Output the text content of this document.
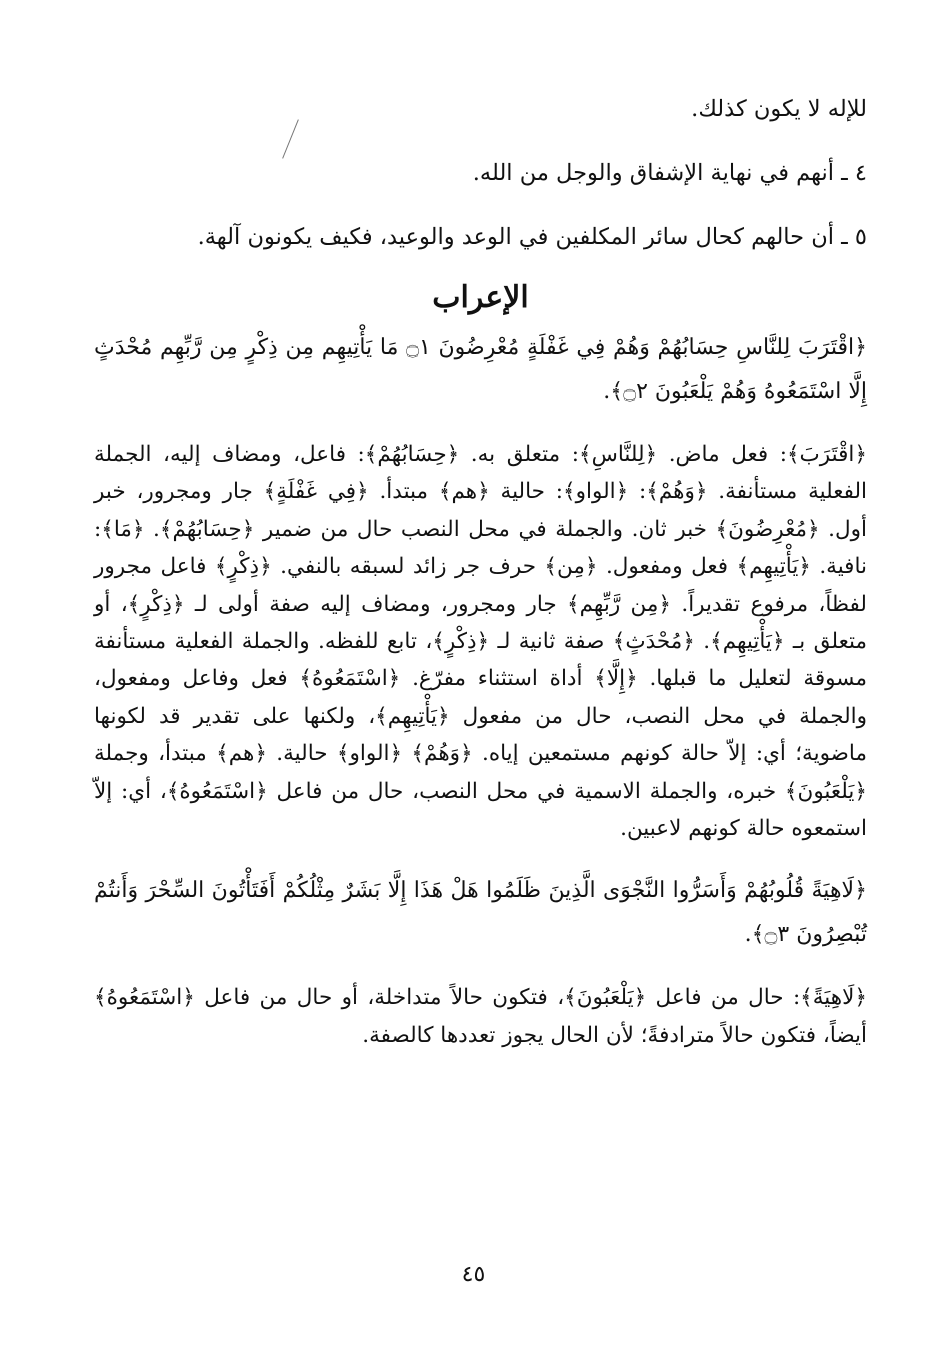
للإله لا يكون كذلك.

٤ ـ أنهم في نهاية الإشفاق والوجل من الله.

٥ ـ أن حالهم كحال سائر المكلفين في الوعد والوعيد، فكيف يكونون آلهة.

الإعراب

﴿اقْتَرَبَ لِلنَّاسِ حِسَابُهُمْ وَهُمْ فِي غَفْلَةٍ مُعْرِضُونَ ۝١ مَا يَأْتِيهِم مِن ذِكْرٍ مِن رَّبِّهِم مُحْدَثٍ إِلَّا اسْتَمَعُوهُ وَهُمْ يَلْعَبُونَ ۝٢﴾.

﴿اقْتَرَبَ﴾: فعل ماض. ﴿لِلنَّاسِ﴾: متعلق به. ﴿حِسَابُهُمْ﴾: فاعل، ومضاف إليه، الجملة الفعلية مستأنفة. ﴿وَهُمْ﴾: ﴿الواو﴾: حالية ﴿هم﴾ مبتدأ. ﴿فِي غَفْلَةٍ﴾ جار ومجرور، خبر أول. ﴿مُعْرِضُونَ﴾ خبر ثان. والجملة في محل النصب حال من ضمير ﴿حِسَابُهُمْ﴾. ﴿مَا﴾: نافية. ﴿يَأْتِيهِم﴾ فعل ومفعول. ﴿مِن﴾ حرف جر زائد لسبقه بالنفي. ﴿ذِكْرٍ﴾ فاعل مجرور لفظاً، مرفوع تقديراً. ﴿مِن رَّبِّهِم﴾ جار ومجرور، ومضاف إليه صفة أولى لـ ﴿ذِكْرٍ﴾، أو متعلق بـ ﴿يَأْتِيهِم﴾. ﴿مُحْدَثٍ﴾ صفة ثانية لـ ﴿ذِكْرٍ﴾، تابع للفظه. والجملة الفعلية مستأنفة مسوقة لتعليل ما قبلها. ﴿إِلَّا﴾ أداة استثناء مفرّغ. ﴿اسْتَمَعُوهُ﴾ فعل وفاعل ومفعول، والجملة في محل النصب، حال من مفعول ﴿يَأْتِيهِم﴾، ولكنها على تقدير قد لكونها ماضوية؛ أي: إلاّ حالة كونهم مستمعين إياه. ﴿وَهُمْ﴾ ﴿الواو﴾ حالية. ﴿هم﴾ مبتدأ، وجملة ﴿يَلْعَبُونَ﴾ خبره، والجملة الاسمية في محل النصب، حال من فاعل ﴿اسْتَمَعُوهُ﴾، أي: إلاّ استمعوه حالة كونهم لاعبين.

﴿لَاهِيَةً قُلُوبُهُمْ وَأَسَرُّوا النَّجْوَى الَّذِينَ ظَلَمُوا هَلْ هَذَا إِلَّا بَشَرٌ مِثْلُكُمْ أَفَتَأْتُونَ السِّحْرَ وَأَنتُمْ تُبْصِرُونَ ۝٣﴾.

﴿لَاهِيَةً﴾: حال من فاعل ﴿يَلْعَبُونَ﴾، فتكون حالاً متداخلة، أو حال من فاعل ﴿اسْتَمَعُوهُ﴾ أيضاً، فتكون حالاً مترادفةً؛ لأن الحال يجوز تعددها كالصفة.

٤٥
